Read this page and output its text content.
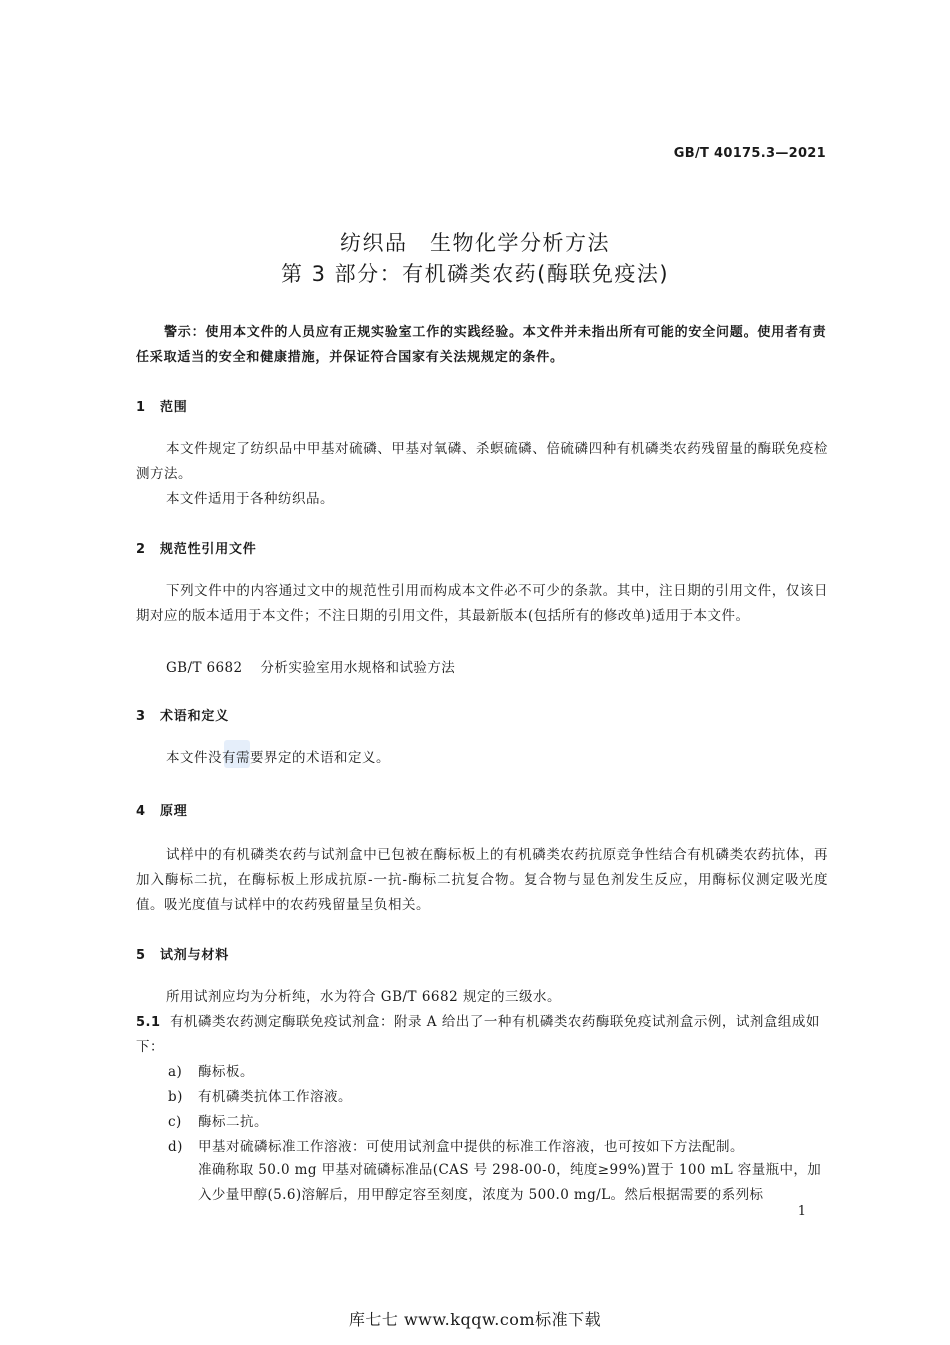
GB/T 40175.3—2021
纺织品　生物化学分析方法
第 3 部分：有机磷类农药(酶联免疫法)
警示：使用本文件的人员应有正规实验室工作的实践经验。本文件并未指出所有可能的安全问题。使用者有责任采取适当的安全和健康措施，并保证符合国家有关法规规定的条件。
1 范围

本文件规定了纺织品中甲基对硫磷、甲基对氧磷、杀螟硫磷、倍硫磷四种有机磷类农药残留量的酶联免疫检测方法。

本文件适用于各种纺织品。

2 规范性引用文件

下列文件中的内容通过文中的规范性引用而构成本文件必不可少的条款。其中，注日期的引用文件，仅该日期对应的版本适用于本文件；不注日期的引用文件，其最新版本(包括所有的修改单)适用于本文件。

GB/T 6682 分析实验室用水规格和试验方法
3 术语和定义

本文件没有需要界定的术语和定义。

4 原理

试样中的有机磷类农药与试剂盒中已包被在酶标板上的有机磷类农药抗原竞争性结合有机磷类农药抗体，再加入酶标二抗，在酶标板上形成抗原-一抗-酶标二抗复合物。复合物与显色剂发生反应，用酶标仪测定吸光度值。吸光度值与试样中的农药残留量呈负相关。

5 试剂与材料

所用试剂应均为分析纯，水为符合 GB/T 6682 规定的三级水。

5.1 有机磷类农药测定酶联免疫试剂盒：附录 A 给出了一种有机磷类农药酶联免疫试剂盒示例，试剂盒组成如下：
a) 酶标板。
b) 有机磷类抗体工作溶液。
c) 酶标二抗。
d) 甲基对硫磷标准工作溶液：可使用试剂盒中提供的标准工作溶液，也可按如下方法配制。
准确称取 50.0 mg 甲基对硫磷标准品(CAS 号 298-00-0，纯度≥99%)置于 100 mL 容量瓶中，加入少量甲醇(5.6)溶解后，用甲醇定容至刻度，浓度为 500.0 mg/L。然后根据需要的系列标
1
库七七 www.kqqw.com标准下载
